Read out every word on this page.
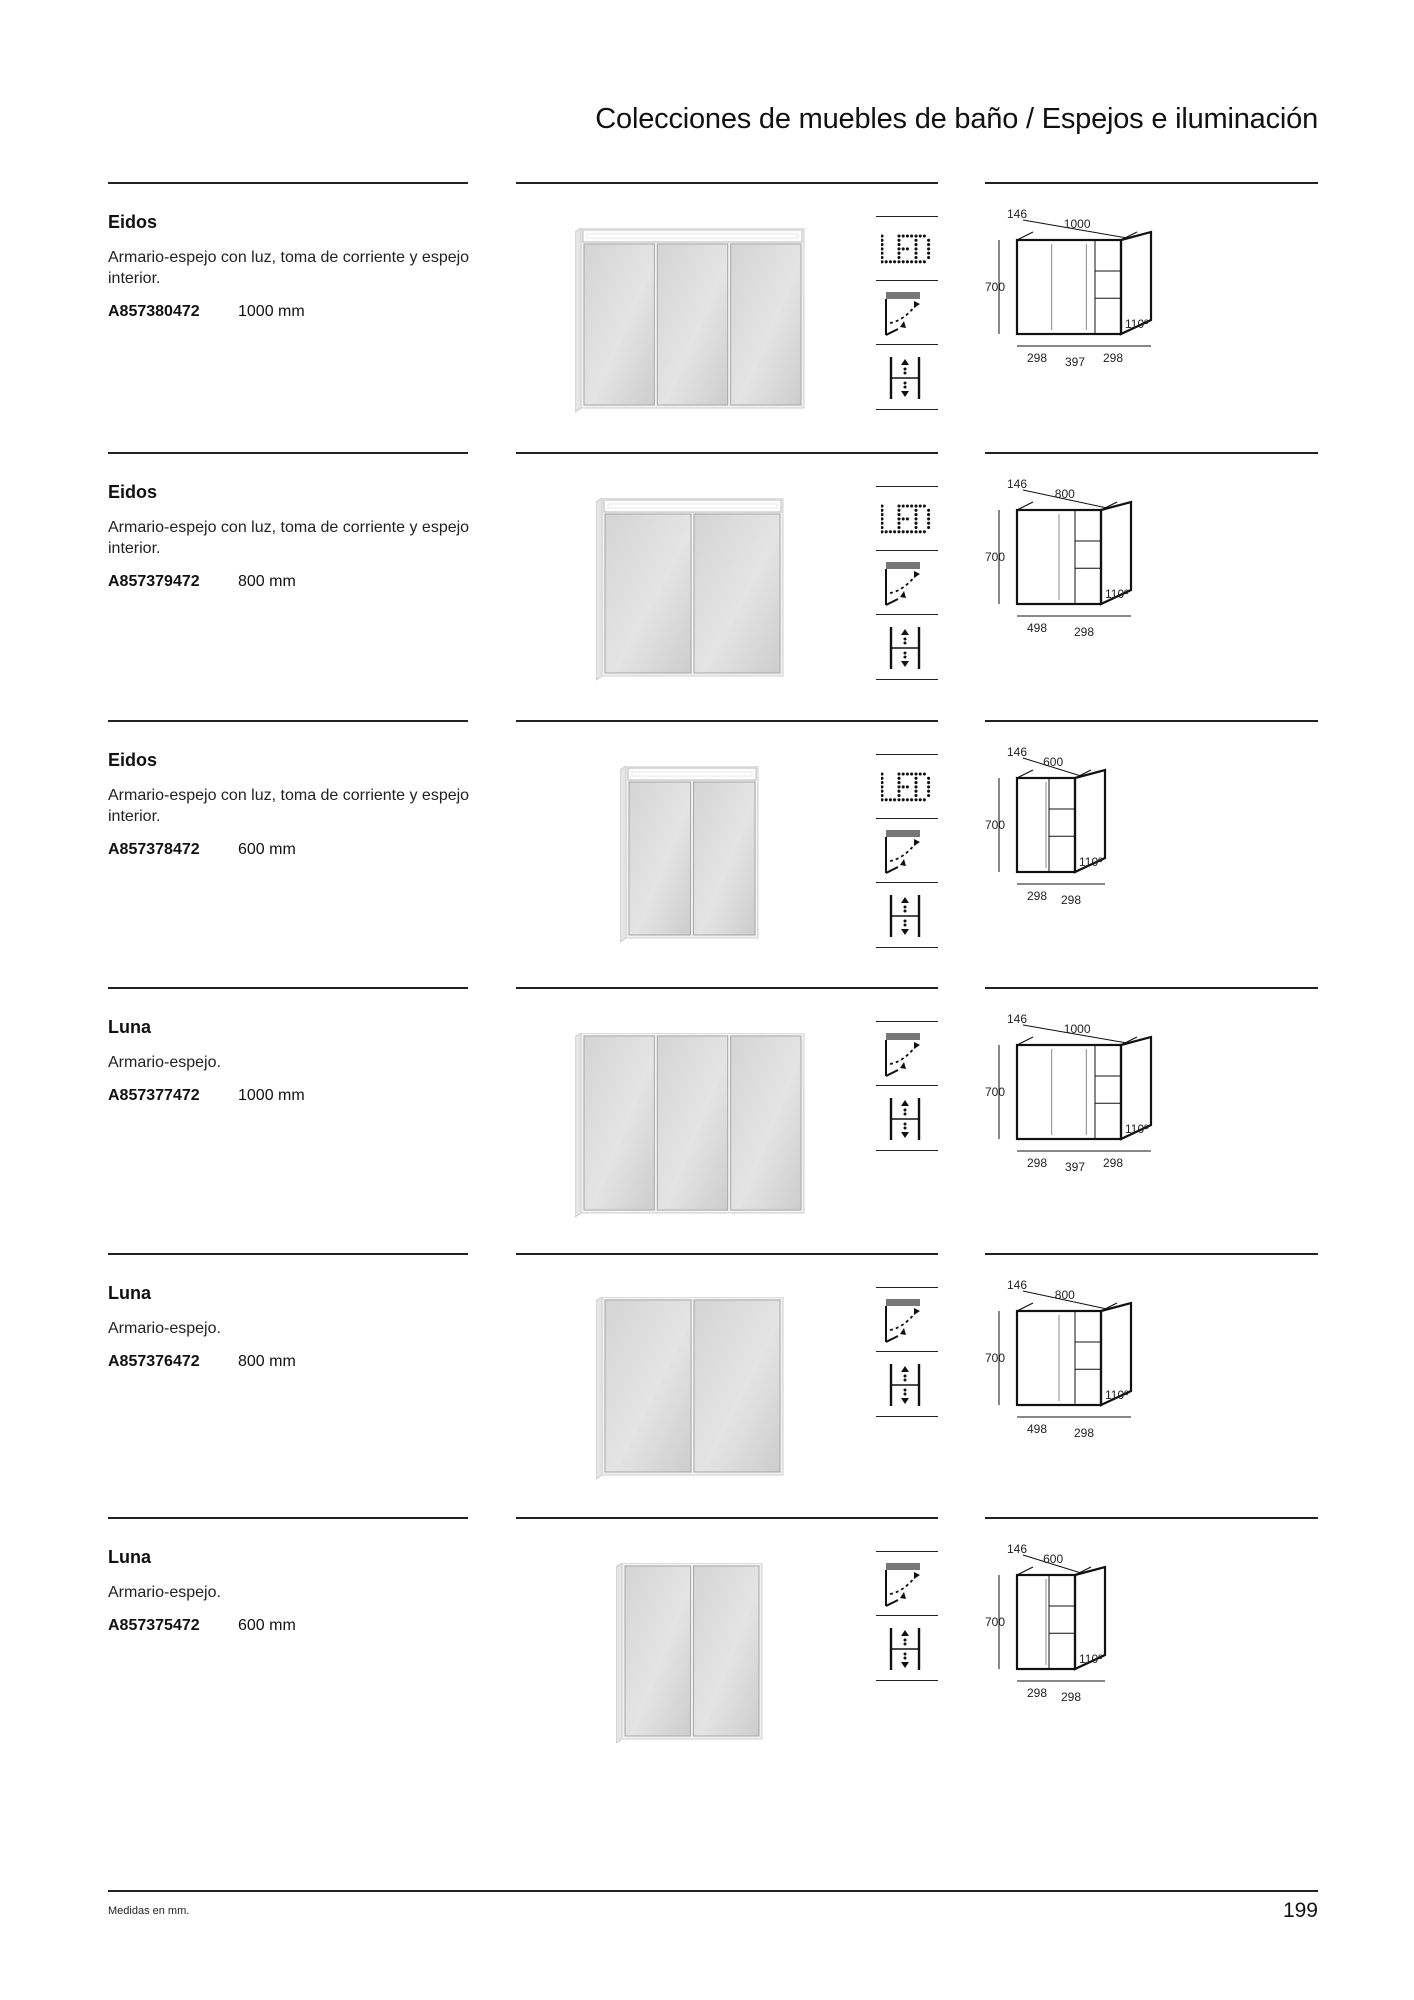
Colecciones de muebles de baño / Espejos e iluminación
Eidos
Armario-espejo con luz, toma de corriente y espejo interior.
A857380472 1000 mm
146
1000
700
110º
298 397 298
Eidos
Armario-espejo con luz, toma de corriente y espejo interior.
A857379472 800 mm
146
800
700
110º
498 298
Eidos
Armario-espejo con luz, toma de corriente y espejo interior.
A857378472 600 mm
146
600
700
110º
298 298
Luna
Armario-espejo.
A857377472 1000 mm
146
1000
700
110º
298 397 298
Luna
Armario-espejo.
A857376472 800 mm
146
800
700
110º
498 298
Luna
Armario-espejo.
A857375472 600 mm
146
600
700
110º
298 298
Medidas en mm.	199
